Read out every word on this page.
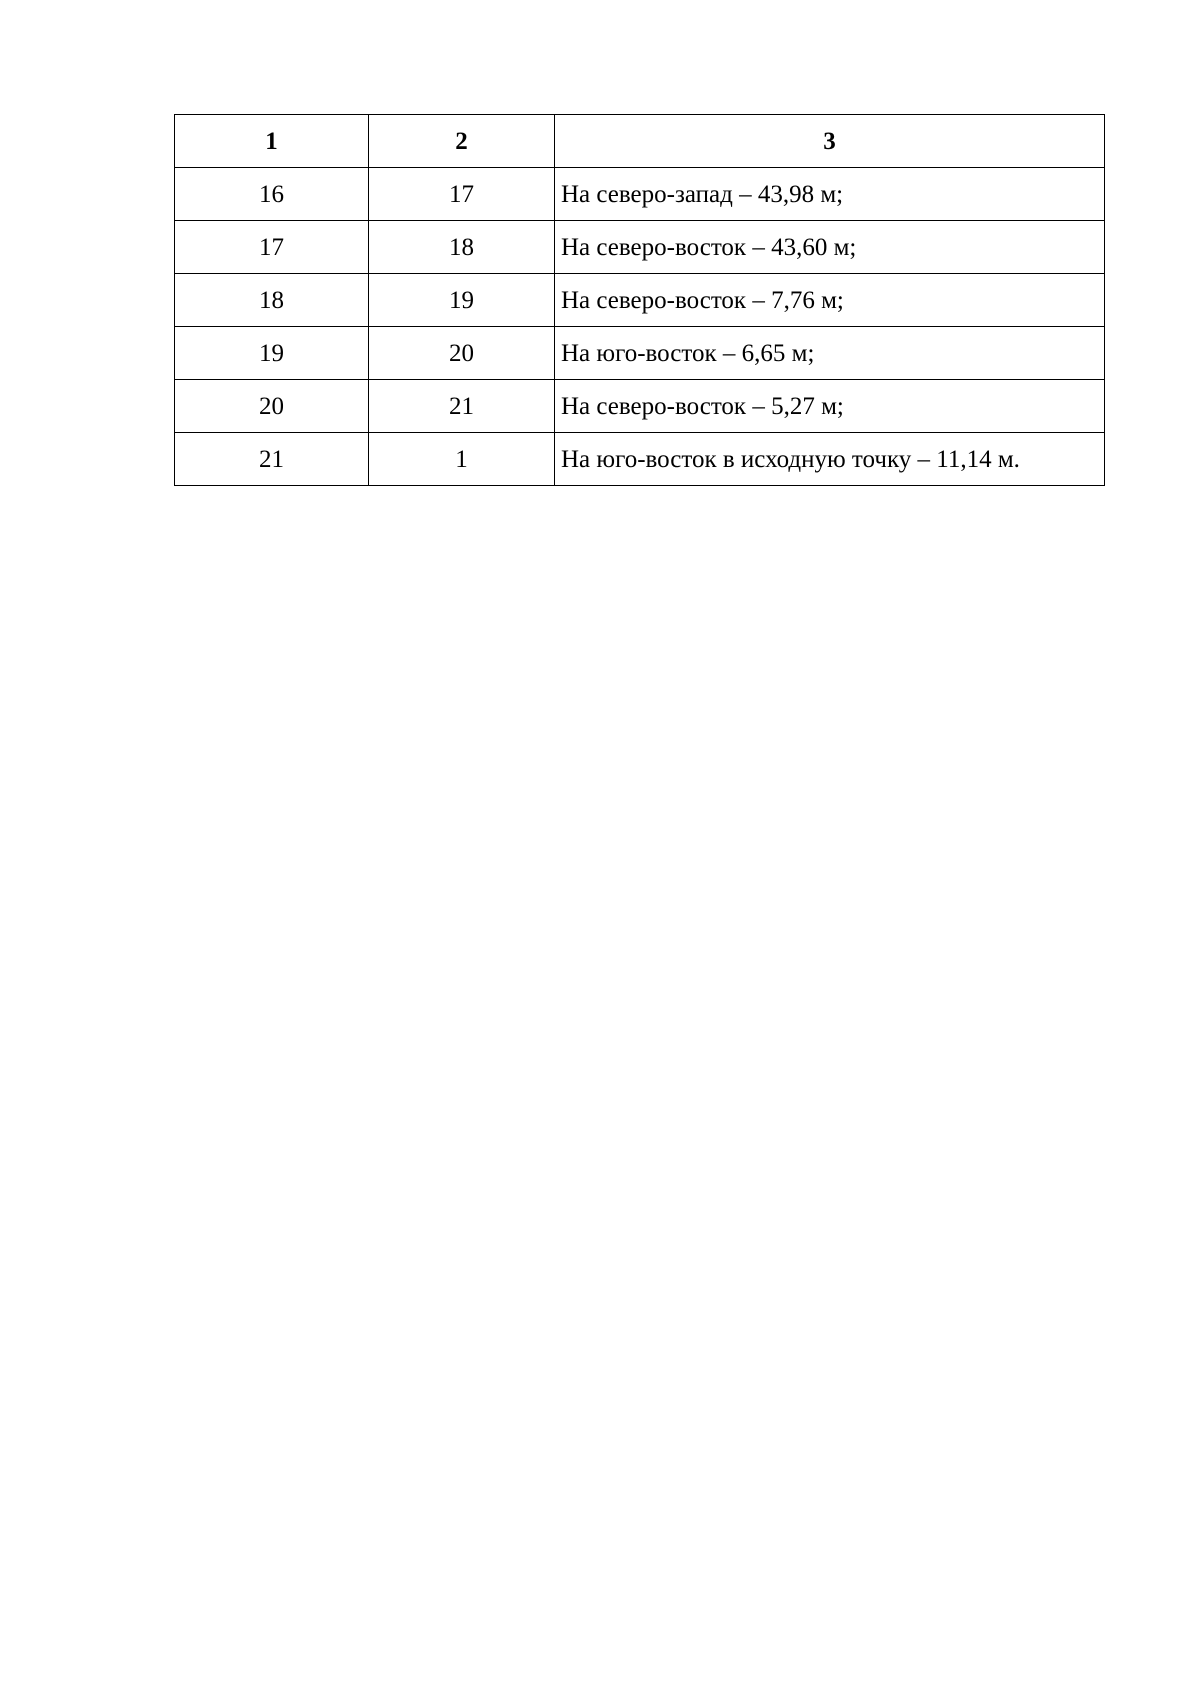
1	2	3
16	17	На северо-запад – 43,98 м;
17	18	На северо-восток – 43,60 м;
18	19	На северо-восток – 7,76 м;
19	20	На юго-восток – 6,65 м;
20	21	На северо-восток – 5,27 м;
21	1	На юго-восток в исходную точку – 11,14 м.
